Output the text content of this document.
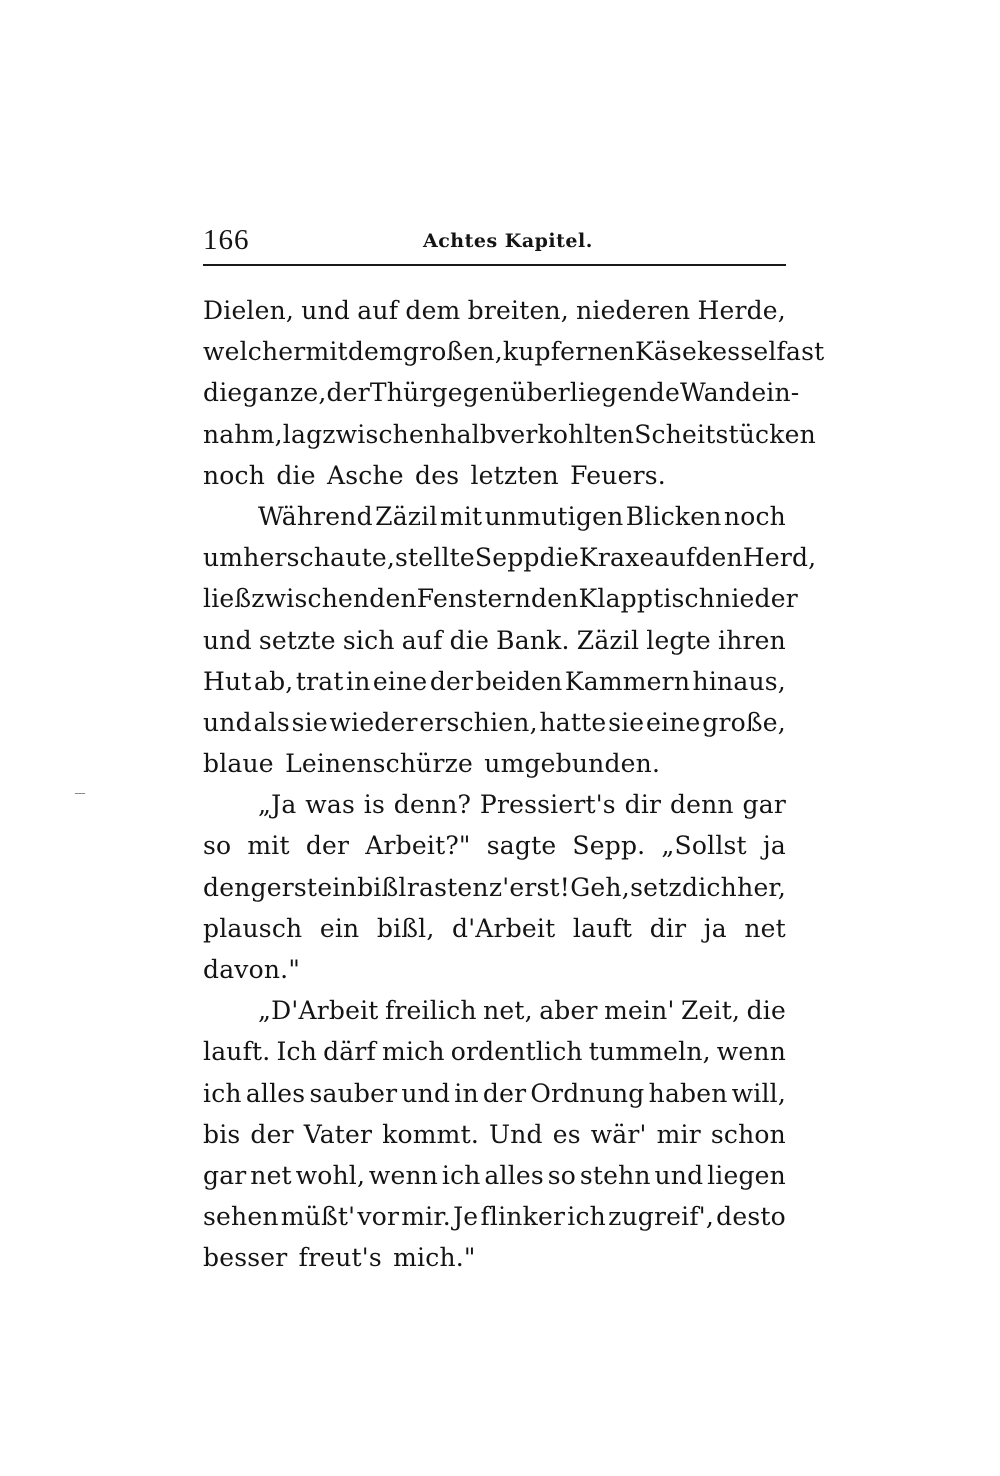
166	Achtes Kapitel.
Dielen, und auf dem breiten, niederen Herde,
welcher mit dem großen, kupfernen Käsekessel fast
die ganze, der Thür gegenüberliegende Wand ein-
nahm, lag zwischen halbverkohlten Scheitstücken
noch die Asche des letzten Feuers.
Während Zäzil mit unmutigen Blicken noch
umherschaute, stellte Sepp die Kraxe auf den Herd,
ließ zwischen den Fenstern den Klapptisch nieder
und setzte sich auf die Bank. Zäzil legte ihren
Hut ab, trat in eine der beiden Kammern hinaus,
und als sie wieder erschien, hatte sie eine große,
blaue Leinenschürze umgebunden.
„Ja was is denn? Pressiert's dir denn gar
so mit der Arbeit?" sagte Sepp. „Sollst ja
dengerst ein bißl rasten z'erst! Geh, setz dich her,
plausch ein bißl, d'Arbeit lauft dir ja net
davon."
„D'Arbeit freilich net, aber mein' Zeit, die
lauft. Ich därf mich ordentlich tummeln, wenn
ich alles sauber und in der Ordnung haben will,
bis der Vater kommt. Und es wär' mir schon
gar net wohl, wenn ich alles so stehn und liegen
sehen müßt' vor mir. Je flinker ich zugreif', desto
besser freut's mich."
